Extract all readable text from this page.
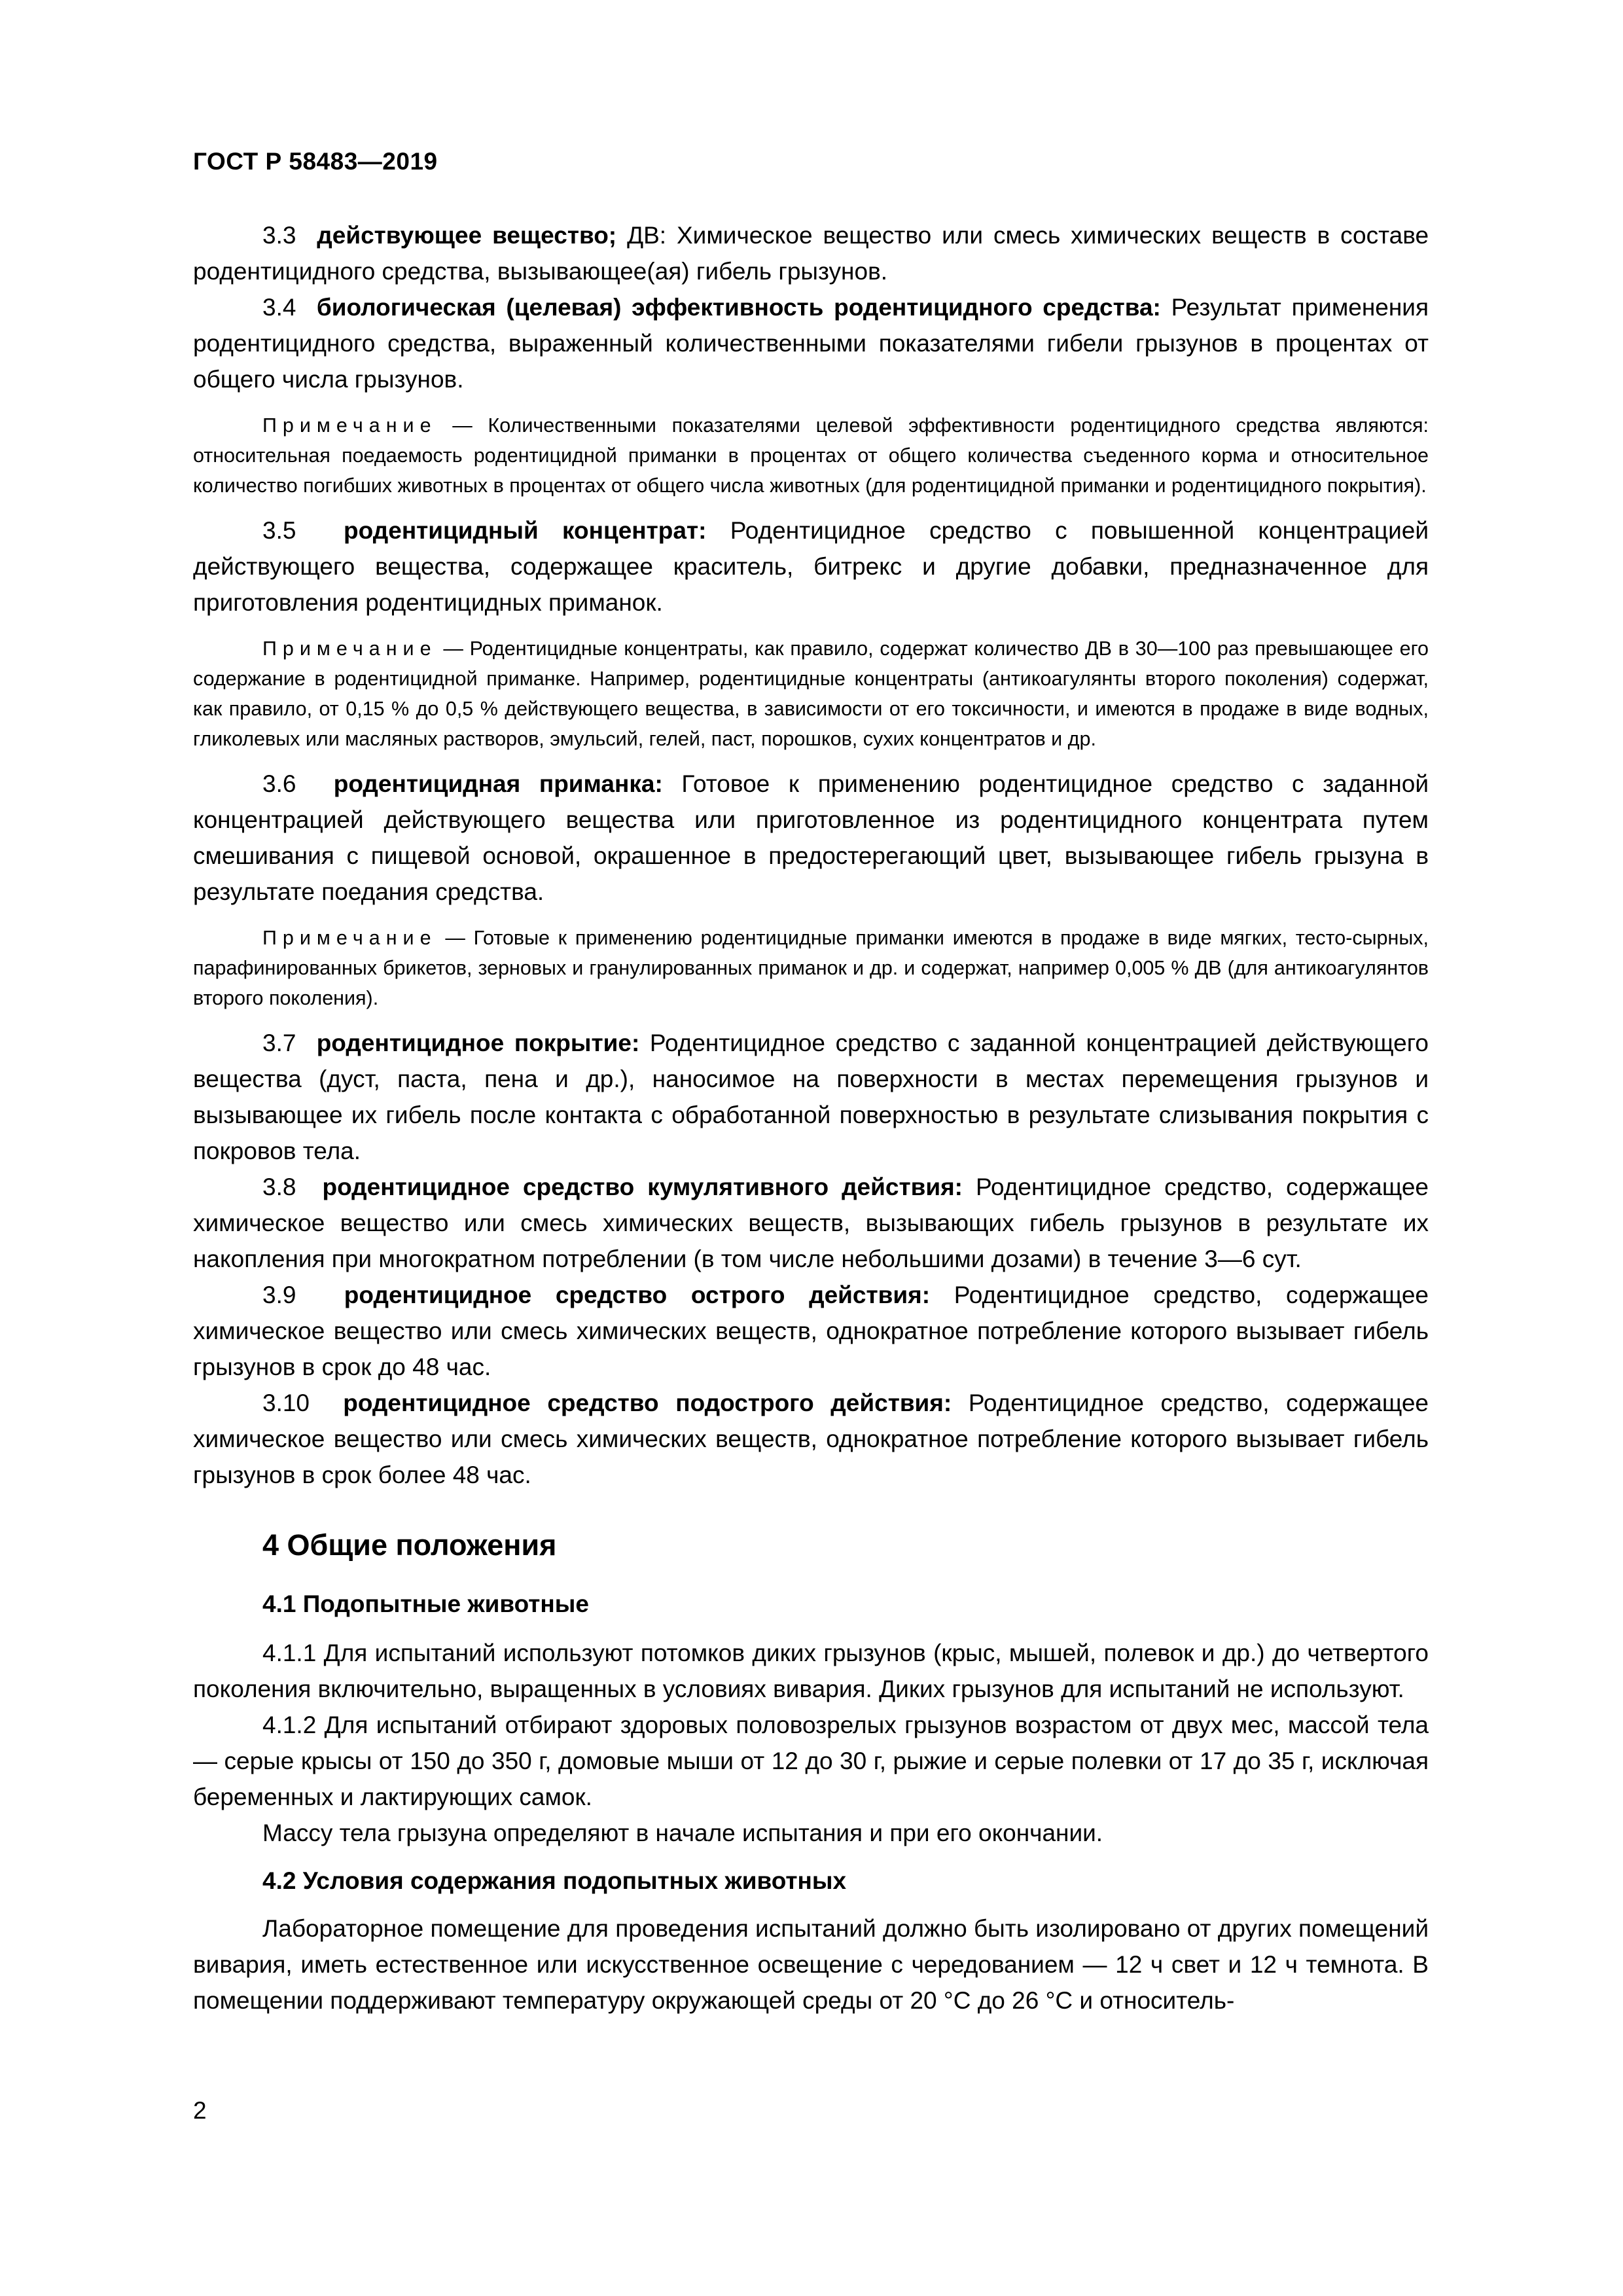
ГОСТ Р 58483—2019

3.3 действующее вещество; ДВ: Химическое вещество или смесь химических веществ в составе родентицидного средства, вызывающее(ая) гибель грызунов.

3.4 биологическая (целевая) эффективность родентицидного средства: Результат применения родентицидного средства, выраженный количественными показателями гибели грызунов в процентах от общего числа грызунов.

Примечание — Количественными показателями целевой эффективности родентицидного средства являются: относительная поедаемость родентицидной приманки в процентах от общего количества съеденного корма и относительное количество погибших животных в процентах от общего числа животных (для родентицидной приманки и родентицидного покрытия).

3.5 родентицидный концентрат: Родентицидное средство с повышенной концентрацией действующего вещества, содержащее краситель, битрекс и другие добавки, предназначенное для приготовления родентицидных приманок.

Примечание — Родентицидные концентраты, как правило, содержат количество ДВ в 30—100 раз превышающее его содержание в родентицидной приманке. Например, родентицидные концентраты (антикоагулянты второго поколения) содержат, как правило, от 0,15 % до 0,5 % действующего вещества, в зависимости от его токсичности, и имеются в продаже в виде водных, гликолевых или масляных растворов, эмульсий, гелей, паст, порошков, сухих концентратов и др.

3.6 родентицидная приманка: Готовое к применению родентицидное средство с заданной концентрацией действующего вещества или приготовленное из родентицидного концентрата путем смешивания с пищевой основой, окрашенное в предостерегающий цвет, вызывающее гибель грызуна в результате поедания средства.

Примечание — Готовые к применению родентицидные приманки имеются в продаже в виде мягких, тесто-сырных, парафинированных брикетов, зерновых и гранулированных приманок и др. и содержат, например 0,005 % ДВ (для антикоагулянтов второго поколения).

3.7 родентицидное покрытие: Родентицидное средство с заданной концентрацией действующего вещества (дуст, паста, пена и др.), наносимое на поверхности в местах перемещения грызунов и вызывающее их гибель после контакта с обработанной поверхностью в результате слизывания покрытия с покровов тела.

3.8 родентицидное средство кумулятивного действия: Родентицидное средство, содержащее химическое вещество или смесь химических веществ, вызывающих гибель грызунов в результате их накопления при многократном потреблении (в том числе небольшими дозами) в течение 3—6 сут.

3.9 родентицидное средство острого действия: Родентицидное средство, содержащее химическое вещество или смесь химических веществ, однократное потребление которого вызывает гибель грызунов в срок до 48 час.

3.10 родентицидное средство подострого действия: Родентицидное средство, содержащее химическое вещество или смесь химических веществ, однократное потребление которого вызывает гибель грызунов в срок более 48 час.

4 Общие положения
4.1 Подопытные животные

4.1.1 Для испытаний используют потомков диких грызунов (крыс, мышей, полевок и др.) до четвертого поколения включительно, выращенных в условиях вивария. Диких грызунов для испытаний не используют.

4.1.2 Для испытаний отбирают здоровых половозрелых грызунов возрастом от двух мес, массой тела — серые крысы от 150 до 350 г, домовые мыши от 12 до 30 г, рыжие и серые полевки от 17 до 35 г, исключая беременных и лактирующих самок.

Массу тела грызуна определяют в начале испытания и при его окончании.

4.2 Условия содержания подопытных животных

Лабораторное помещение для проведения испытаний должно быть изолировано от других помещений вивария, иметь естественное или искусственное освещение с чередованием — 12 ч свет и 12 ч темнота. В помещении поддерживают температуру окружающей среды от 20 °С до 26 °С и относитель-

2
